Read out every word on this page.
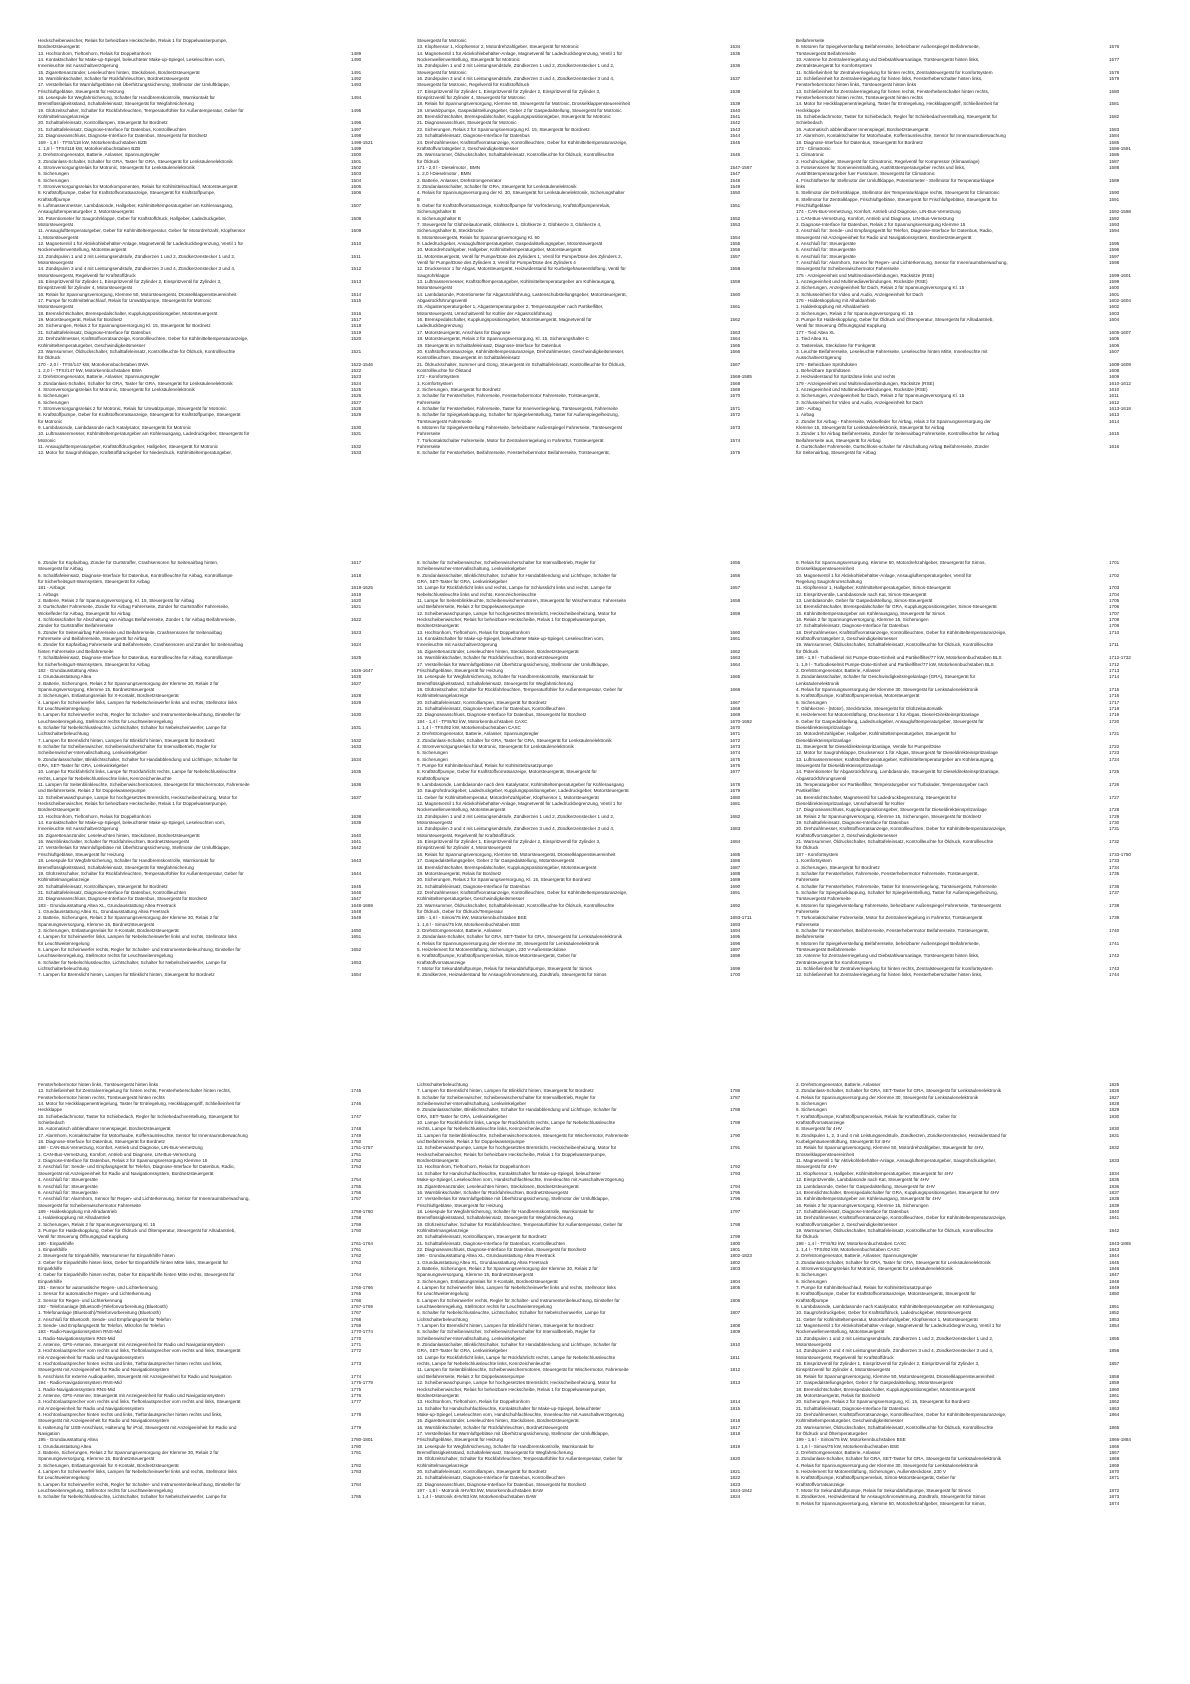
Heckscheibenwischer, Relais für beheizbare Heckscheibe, Relais 1 für Doppelwasserpumpe,
Bordnetzsteuergerät
13. Hochtonhorn, Tieftonhorn, Relais für Doppeltonhorn	1489
14. Kontaktschalter für Make-up-Spiegel, beleuchteter Make-up-Spiegel, Leseleuchten vorn,	1490
Innenleuchte mit Ausschaltverzögerung
15. Zigarettenanzünder, Leseleuchten hinten, Steckdosen, Bordnetzsteuergerät	1491
16. Warnblinkschalter, Schalter für Rückfahrleuchten, Bordnetzsteuergerät	1492
17. Verstellrelais für Warmluftgebläse mit Überhitzungssicherung, Stellmotor der Umluftklappe,	1493
Frischluftgebläse, Steuergerät für Heizung
18. Lesespule für Wegfahrsicherung, Schalter für Handbremskontrolle, Warnkontakt für	1494
Bremsflüssigkeitsstand, Schaltafeleinsatz, Steuergerät für Wegfahrsicherung
19. Glühzeitschalter, Schalter für Rückfahrleuchten, Temperaturfühler für Außentemperatur, Geber für	1495
Kühlmittelmangelanzeige
20. Schalttafeleinsatz, Kontrolllampen, Steuergerät für Bordnetz	1496
21. Schalttafeleinsatz, Diagnose-Interface für Datenbus, Kontrollleuchten	1497
22. Diagnoseanschluss, Diagnose-Interface für Datenbus, Steuergerät für Bordnetz	1498
169 - 1,8 l - TFSI/118 kW, Motorkennbuchstaben BZB	1498-1521
1. 1,8 l - TFSI/118 kW, Motorkennbuchstaben BZB	1499
2. Drehstromgenerator, Batterie, Anlasser, Spannungsregler	1500
3. Zündanlass-Schalter, Schalter für GRA, Taster für GRA, Steuergerät für Lenksäulenelektronik	1501
4. Stromversorgungsrelais für Motronic, Steuergerät für Lenksäulenelektronik	1502
5. Sicherungen	1503
6. Sicherungen	1504
7. Stromversorgungsrelais für Motorkomponenten, Relais für Kühlmittelnachlauf, Motorsteuergerät	1505
8. Kraftstoffpumpe, Geber für Kraftstoffvorratsanzeige, Steuergerät für Kraftstoffpumpe,	1506
Kraftstoffpumpe
9. Luftmassenmesser, Lambdasonde, Hallgeber, Kühlmitteltemperaturgeber am Kühlerausgang,	1507
Ansaugluftemperaturgeber 2, Motorsteuergerät
10. Potentiometer für Saugrohrklappe, Geber für Kraftstoffdruck, Hallgeber, Ladedruckgeber,	1508
Motorsteuergerät
11. Ansauglufttemperaturgeber, Geber für Kühlmitteltemperatur, Geber für Motordrehzahl, Klopfsensor	1509
1, Motorsteuergerät
12. Magnetventil 1 für Aktivkohlebehälter-Anlage, Magnetventil für Ladedruckbegrenzung, Ventil 1 für	1510
Nockenwellenverstellung, Motorsteuergerät
13. Zündspulen 1 und 2 mit Leistungsendstufe, Zündkerzen 1 und 2, Zündkerzenstecker 1 und 2,	1511
Motorsteuergerät
14. Zündspulen 3 und 4 mit Leistungsendstufe, Zündkerzen 3 und 4, Zündkerzenstecker 3 und 4,	1512
Motorsteuergerät, Regelventil für Kraftstoffdruck
15. Einspritzventil für Zylinder 1, Einspritzventil für Zylinder 2, Einspritzventil für Zylinder 3,	1513
Einspritzventil für Zylinder 4, Motorsteuergerät
16. Relais für Spannungsversorgung, Klemme 50, Motorsteuergerät, Drosselklappensteuereinheit	1514
17. Pumpe für Kühlmittelnachlauf, Relais für Umwälzpumpe, Steuergerät für Motronic	1515
Motorsteuergerät
18. Bremslichtschalter, Bremspedalschalter, Kupplungspositionsgeber, Motorsteuergerät	1516
19. Motorsteuergerät, Relais für Bordnetz	1517
20. Sicherungen, Relais 2 für Spannungsversorgung Kl. 15, Steuergerät für Bordnetz	1518
21. Schalttafeleinsatz, Diagnose-Interface für Datenbus	1519
22. Drehzahlmesser, Kraftstoffvorratsanzeige, Kontrollleuchten, Geber für Kühlmitteltemperaturanzeige,	1520
Kühlmitteltemperaturgeber, Geschwindigkeitsmesser
23. Warnsummer, Öldruckschalter, Schalttafeleinsatz, Kontrollleuchte für Öldruck, Kontrollleuchte	1521
für Öldruck
170 - 2,0 l - TFSI/147 kW, Motorkennbuchstaben BWA	1522-1546
1. 2,0 l - TFSI/147 kW, Motorkennbuchstaben BWA	1522
2. Drehstromgenerator, Batterie, Anlasser, Spannungsregler	1523
3. Zündanlass-Schalter, Schalter für GRA, Taster für GRA, Steuergerät für Lenksäulenelektronik	1524
4. Stromversorgungsrelais für Motronic, Steuergerät für Lenksäulenelektronik	1525
5. Sicherungen	1526
6. Sicherungen	1527
7. Stromversorgungsrelais 2 für Motronic, Relais für Umwälzpumpe, Steuergerät für Motronic	1528
8. Kraftstoffpumpe, Geber für Kraftstoffvorratsanzeige, Steuergerät für Kraftstoffpumpe, Steuergerät	1529
für Motronic
9. Lambdasonde, Lambdasonde nach Katalysator, Steuergerät für Motronic	1530
10. Luftmassenmesser, Kühlmitteltemperaturgeber am Kühlerausgang, Ladedruckgeber, Steuergerät für	1531
Motronic
11. Ansauglufttemperaturgeber, Kraftstoffdruckgeber, Hallgeber, Steuergerät für Motronic	1532
12. Motor für Saugrohrklappe, Kraftstoffdruckgeber für Niederdruck, Kühlmitteltemperaturgeber,	1533
Steuergerät für Motronic
13. Klopfsensor 1, Klopfsensor 2, Motordrehzahlgeber, Steuergerät für Motronic	1534
14. Magnetventil 1 für Aktivkohlebehälter-Anlage, Magnetventil für Ladedruckbegrenzung, Ventil 1 für	1535
Nockenwellenverstellung, Steuergerät für Motronic
15. Zündspulen 1 und 2 mit Leistungsendstufe, Zündkerzen 1 und 2, Zündkerzenstecker 1 und 2,	1536
Steuergerät für Motronic
16. Zündspulen 3 und 4 mit Leistungsendstufe, Zündkerzen 3 und 4, Zündkerzenstecker 3 und 4,	1537
Steuergerät für Motronic, Regelventil für Kraftstoffdruck
17. Einspritzventil für Zylinder 1, Einspritzventil für Zylinder 2, Einspritzventil für Zylinder 3,	1538
Einspritzventil für Zylinder 4, Steuergerät für Motronic
18. Relais für Spannungsversorgung, Klemme 50, Steuergerät für Motronic, Drosselklappensteuereinheit	1539
19. Umwälzpumpe, Gaspedalstellungsgeber, Geber 2 für Gaspedalstellung, Steuergerät für Motronic	1540
20. Bremslichtschalter, Bremspedalschalter, Kupplungspositionsgeber, Steuergerät für Motronic	1541
21. Diagnoseanschluss, Steuergerät für Motronic	1542
22. Sicherungen, Relais 2 für Spannungsversorgung Kl. 15, Steuergerät für Bordnetz	1543
23. Schalttafeleinsatz, Diagnose-Interface für Datenbus	1544
24. Drehzahlmesser, Kraftstoffvorratsanzeige, Kontrollleuchten, Geber für Kühlmitteltemperaturanzeige,	1545
Kraftstoffvorratsgeber 2, Geschwindigkeitsmesser
25. Warnsummer, Öldruckschalter, Schalttafeleinsatz, Kontrollleuchte für Öldruck, Kontrollleuchte	1546
für Öldruck
171 - 2,0 l - Dieselmotor , BMN	1547-1567
1. 2,0 l-Dieselmotor , BMN	1547
2. Batterie, Anlasser, Drehstromgenerator	1548
3. Zündanlassschalter, Schalter für GRA, Steuergerät für Lenksäulenelektronik	1549
4. Relais für Spannungsversorgung der Kl. 30, Steuergerät für Lenksäulenelektronik, Sicherungshalter	1550
B
5. Geber für Kraftstoffvorratsanzeige, Kraftstoffpumpe für Vorförderung, Kraftstoffpumpenrelais,	1551
Sicherungshalter B
6. Sicherungshalter B	1552
7. Steuergerät für Glühzeitautomatik, Glühkerze 1, Glühkerze 2, Glühkerze 3, Glühkerze 4,	1553
Sicherungshalter B, Steckbrücke
8. Motorsteuergerät, Relais für Spannungsversorgung Kl. 50	1554
9. Ladedruckgeber, Ansauglufttemperaturgeber, Gaspedalstellungsgeber, Motorsteuergerät	1555
10. Motordrehzahlgeber, Hallgeber, Kühlmitteltemperaturgeber, Motorsteuergerät	1556
11. Motorsteuergerät, Ventil für Pumpe/Düse des Zylinders 1, Ventil für Pumpe/Düse des Zylinders 2,	1557
Ventil für Pumpe/Düse des Zylinders 3, Ventil für Pumpe/Düse des Zylinders 4
12. Drucksensor 1 für Abgas, Motorsteuergerät, Heizwiderstand für Kurbelgehäuseentlüftung, Ventil für	1558
Saugrohrklappe
13. Luftmassenmesser, Kraftstofftemperaturgeber, Kühlmitteltemperaturgeber am Kühlerausgang,	1559
Motorsteuergerät
14. Lambdasonde, Potentiometer für Abgasrückführung, Lastenschubstellungsgeber, Motorsteuergerät,	1560
Abgasrückführungsventil
15. Abgastemperaturgeber 1, Abgastemperaturgeber 2, Temperaturgeber nach Partikelfilter,	1561
Motorsteuergerät, Umschaltventil für Kühler der Abgasrückführung
16. Bremspedalschalter, Kupplungspositionsgeber, Motorsteuergerät, Magnetventil für	1562
Ladedruckbegrenzung
17. Motorsteuergerät, Anschluss für Diagnose	1563
18. Motorsteuergerät, Relais 2 für Spannungsversorgung, Kl. 15, Sicherungshalter C	1564
19. Steuergerät im Schalttafeleinsatz, Diagnose-Interface für Datenbus	1565
20. Kraftstoffvorratsanzeige, Kühlmitteltemperaturanzeige, Drehzahlmesser, Geschwindigkeitsmesser,	1566
Kontrollleuchten, Steuergerät im Schalttafeleinsatz
21. Öldruckschalter, Summer und Gong, Steuergerät im Schalttafeleinsatz, Kontrollleuchte für Öldruck,	1567
Kontrollleuchte für Ölstand
172 - Komfortsystem	1568-1585
1. Komfortsystem	1568
2. Sicherungen, Steuergerät für Bordnetz	1569
3. Schalter für Fensterheber, Fahrerseite, Fensterhebermotor Fahrerseite, Türsteuergerät,	1570
Fahrerseite
4. Schalter für Fensterheber, Fahrerseite, Taster für Innenverriegelung, Türsteuergerät, Fahrerseite	1571
5. Schalter für Spiegelanklappung, Schalter für Spiegelverstellung, Taster für Außenspiegelheizung,	1572
Türsteuergerät Fahrerseite
6. Motoren für Spiegelverstellung Fahrerseite, beheizbarer Außenspiegel Fahrerseite, Türsteuergerät	1573
Fahrerseite
7. Türkontaktschalter Fahrerseite, Motor für Zentralverriegelung in Fahrertür, Türsteuergerät	1574
Fahrerseite
8. Schalter für Fensterheber, Beifahrerseite, Fensterhebermotor Beifahrerseite, Türsteuergerät,	1575
Beifahrerseite
9. Motoren für Spiegelverstellung Beifahrerseite, beheizbarer Außenspiegel Beifahrerseite,	1576
Türsteuergerät Beifahrerseite
10. Antenne für Zentralverriegelung und Diebstahlwarnanlage, Türsteuergerät hinten links,	1577
Zentralsteuergerät für Komfortsystem
11. Schließeinheit für Zentralverriegelung für hinten rechts, Zentralsteuergerät für Komfortsystem	1578
12. Schließeinheit für Zentralverriegelung für hinten links, Fensterheberschalter hinten links,	1579
Fensterhebermotor hinten links, Türsteuergerät hinten links
13. Schließeinheit für Zentralverriegelung für hinten rechts, Fensterheberschalter hinten rechts,	1580
Fensterhebermotor hinten rechts, Türsteuergerät hinten rechts
14. Motor für Heckklappenentriegelung, Taster für Entriegelung, Heckklappengriff, Schließeinheit für	1581
Heckklappe
15. Schiebedachmotor, Taster für Schiebedach, Regler für Schiebedachverstellung, Steuergerät für	1582
Schiebedach
16. Automatisch abblendbarer Innenspiegel, Bordnetzsteuergerät	1583
17. Alarmhorn, Kontaktschalter für Motorhaube, Kofferraumleuchte, Sensor für Innenraumüberwachung	1584
18. Diagnose-Interface für Datenbus, Steuergerät für Bordnetz	1585
173 - Climatronic	1586-1591
1. Climatronic	1586
2. Hochdruckgeber, Steuergerät für Climatronic, Regelventil für Kompressor (Klimaanlage)	1587
3. Fotosensoren für Sonneneinstrahlung, Austrittstemperaturgeber rechts und links,	1588
Austrittstemperaturgeber fuer Fussraum, Steuergerät für Climatronic
4. Frischlüfterter für Stellmotor der Umluftklappe, Potentiometer - Stellmotor für Temperaturklappe	1589
links
5. Stellmotor der Defrostklappe, Stellmotor der Temperaturklappe rechts, Steuergerät für Climatronic	1590
6. Stellmotor für Zentralklappe, Frischluftgebläse, Steuergerät für Frischluftgebläse, Steuergerät für	1591
Frischluftgebläse
174 - CAN-Bus-Vernetzung, Komfort, Antrieb und Diagnose, LIN-Bus-Vernetzung	1592-1598
1. CAN-Bus-Vernetzung, Komfort, Antrieb und Diagnose, LIN-Bus-Vernetzung	1592
2. Diagnose-Interface für Datenbus, Relais 2 für Spannungsversorgung Klemme 15	1593
3. Anschluß für: Sende- und Empfangsgerät für Telefon, Diagnose-Interface für Datenbus, Radio,	1594
Steuergerät mit Anzeigeeinheit für Radio und Navigationssystem, Bordnetzsteuergerät
4. Anschluß für: Steuergeräte	1595
5. Anschluß für: Steuergeräte	1596
6. Anschluß für: Steuergeräte	1597
7. Anschluß für: Alarmhorn, Sensor für Regen- und Lichterkennung, Sensor für Innenraumüberwachung,	1598
Steuergerät für Scheibenwischermotor Fahrerseite
175 - Anzeigeeinheit und Multimediaverbindungen, Rücksitze (RSE)	1599-1601
1. Anzeigeeinheit und Multimediaverbindungen, Rücksitze (RSE)	1599
2. Sicherungen, Anzeigeeinheit für Dach, Relais 2 für Spannungsversorgung Kl. 15	1600
3. Schlusseinheit für Video und Audio, Anzeigeeinheit für Dach	1601
176 - Haldeskopplung mit Alhaldanhieb	1602-1604
1. Haldeskopplung mit Alhaldanhieb	1602
2. Sicherungen, Relais 2 für Spannungsversorgung Kl. 15	1603
3. Pumpe für Haldeskopplung, Geber für Öldruck und Öltemperatur, Steuergerät für Allradantrieb,	1604
Ventil für Steuerung Öffnungsgrad Kupplung
177 - Tied Altea XL	1605-1607
1. Tied Altea XL	1605
2. Tasterelais, Steckdose für Fonkgerät	1606
3. Leuchte Beifahrerseite, Leseleuchte Fahrerseite, Leseleuchte hinten Mitte, Innenleuchte mit	1607
Ausschaltverzögerung
178 - Beheizbare Sprühdüsen	1608-1609
1. Beheizbare Sprühdüsen	1608
2. Heizwiderstand für Spritzdüse links und rechts	1609
179 - Anzeigeeinheit und Multimediaverbindungen, Rücksitze (RSE)	1610-1612
1. Anzeigeeinheit und Multimediaverbindungen, Rücksitze (RSE)	1610
2. Sicherungen, Anzeigeeinheit für Dach, Relais 2 für Spannungsversorgung Kl. 15	1611
3. Schlusseinheit für Video und Audio, Anzeigeeinheit für Dach	1612
180 - Airbag	1613-1618
1. Airbag	1613
2. Zünder für Airbag - Fahrerseite, Wickelfeder für Airbag, relais 2 für Spannungsversorgung der	1614
Klemme 15, Steuergerät für Lenksäulenelektronik, Steuergerät für Airbag
3. Zünder 1 für Airbag Beifahrerseite, Zünder für Seitenairbag Fahrerseite, Kontrollleuchte für Airbag	1615
Beifahrerseite aus, Steuergerät für Airbag
4. Gurtschalter Fahrerseite, Gurtschloss-schalter für Abschaltung Airbag Beifahrerseite, Zünder	1616
für Seitenairbag, Steuergerät für Airbag
5. Zünder für Kopfairbag, Zünder für Gurtstraffer, Crashsensoren für Seitenairbag hinten,	1617
Steuergerät für Airbag
6. Schaltfafeleinsatz, Diagnose-Interface für Datenbus, Kontrollleuchte für Airbag, Kontrolllampe	1618
für Sicherheitsgurt-Warnsystem, Steuergerät für Airbag
181 - Airbags	1619-1625
1. Airbags	1619
2. Batterie, Relais 2 für Spannungsversorgung, Kl. 15, Steuergerät für Airbag	1620
3. Gurtschalter Fahrerseite, Zünder für Airbag Fahrerseite, Zünder für Gurtstraffer Fahrerseite,	1621
Wickelfeder für Airbag, Steuergerät für Airbag
4. Schlossschalter für Abschaltung von Airbags Beifahrerseite, Zünder 1 für Airbag Beifahrerseite,	1622
Zünder für Gurtstraffer Beifahrerseite
5. Zünder für Seitenairbag Fahrerseite und Beifahrerseite, Crashsensoren für Seitenairbag	1623
Fahrerseite und Beifahrerseite, Steuergerät für Airbag
6. Zünder für Kopfairbag Fahrerseite und Beifahrerseite, Crashsensoren und Zünder für Seitenairbag	1624
hinten Fahrerseite und Beifahrerseite
7. Schalttafeleinsatz, Diagnose-Interface für Datenbus, Kontrollleuchte für Airbag, Kontrolllampe	1625
für Sicherheitsgurt-Warnsystem, Steuergerät für Airbag
182 - Grundausstattung Altea	1626-1647
1. Grundausstattung Altea	1626
2. Batterie, Sicherungen, Relais 2 für Spannungsversorgung der Klemme 30, Relais 2 für	1627
Spannungsversorgung, Klemme 15, Bordnetzsteuergerät
3. Sicherungen, Entlastungsrelais für X-Kontakt, Bordnetzsteuergerät	1628
4. Lampen für Scheinwerfer links, Lampen für Nebelscheinwerfer links und rechts, Stellmotor links	1629
für Leuchtweitenregelung
5. Lampen für Scheinwerfer rechts, Regler für Schalter- und Instrumentenbeleuchtung, Einsteller für	1630
Leuchtweitenregelung, Stellmotor rechts für Leuchtweitenregelung
6. Schalter für Nebelschlussleuchte, Lichtschalter, Schalter für Nebelscheinwerfer, Lampe für	1631
Lichtschalterbeleuchtung
7. Lampen für Bremslicht hinten, Lampen für Blinklicht hinten, Steuergerät für Bordnetz	1632
8. Schalter für Scheibenwischer, Scheibenwischerschalter für Intervallbetrieb, Regler für	1633
Scheibenwischer-Intervallschaltung, Lenkwinkelgeber
9. Zündanlassschalter, Blinklichtschalter, Schalter für Handabblendung und Lichthupe, Schalter für	1634
GRA, SET-Taster für GRA, Lenkwinkelgeber
10. Lampe für Rückfahrlicht links, Lampe für Rückfahrlicht rechts, Lampe für Nebelschlussleuchte	1635
rechts, Lampe für Nebelschlussleuchte links, Kennzeichenleuchte
11. Lampen für Seitenblinkleuchte, Scheibenwischermotoren, Steuergerät für Wischermotor, Fahrerseite	1636
und Beifahrerseite, Relais 2 für Doppelwasserpumpe
12. Scheibenwaschpumpe, Lampe für hochgesetztes Bremslicht, Heckscheibenheizung, Motor für	1637
Heckscheibenwischer, Relais für beheizbare Heckscheibe, Relais 1 für Doppelwasserpumpe,
Bordnetzsteuergerät
13. Hochtonhorn, Tieftonhorn, Relais für Doppeltonhorn	1638
14. Kontaktschalter für Make-up-Spiegel, beleuchteter Make-up-Spiegel, Leseleuchten vorn,	1639
Innenleuchte mit Ausschaltverzögerung
15. Zigarettenanzünder, Leseleuchten hinten, Steckdosen, Bordnetzsteuergerät	1640
16. Warnblinkschalter, Schalter für Rückfahrleuchten, Bordnetzsteuergerät	1641
17. Verstellrelais für Warmluftgebläse mit Überhitzungssicherung, Stellmotor der Umluftklappe,	1642
Frischluftgebläse, Steuergerät für Heizung
18. Lesespule für Wegfahrsicherung, Schalter für Handbremskontrolle, Warnkontakt für	1643
Bremsflüssigkeitsstand, Schaltafeleinsatz, Steuergerät für Wegfahrsicherung
19. Glühzeitschalter, Schalter für Rückfahrleuchten, Temperaturfühler für Außentemperatur, Geber für	1644
Kühlmittelmangelanzeige
20. Schalttafeleinsatz, Kontrolllampen, Steuergerät für Bordnetz	1645
21. Schalttafeleinsatz, Diagnose-Interface für Datenbus, Kontrollleuchten	1646
22. Diagnoseanschluss, Diagnose-Interface für Datenbus, Steuergerät für Bordnetz	1647
183 - Grundausstattung Altea XL, Grundausstattung Altea Freetrack	1648-1669
1. Grundausstattung Altea XL, Grundausstattung Altea Freetrack	1648
2. Batterie, Sicherungen, Relais 2 für Spannungsversorgung der Klemme 30, Relais 2 für	1649
Spannungsversorgung, Klemme 15, Bordnetzsteuergerät
3. Sicherungen, Entlastungsrelais für X-Kontakt, Bordnetzsteuergerät	1650
4. Lampen für Scheinwerfer links, Lampen für Nebelscheinwerfer links und rechts, Stellmotor links	1651
für Leuchtweitenregelung
5. Lampen für Scheinwerfer rechts, Regler für Schalter- und Instrumentenbeleuchtung, Einsteller für	1652
Leuchtweitenregelung, Stellmotor rechts für Leuchtweitenregelung
6. Schalter für Nebelschlussleuchte, Lichtschalter, Schalter für Nebelscheinwerfer, Lampe für	1653
Lichtschalterbeleuchtung
7. Lampen für Bremslicht hinten, Lampen für Blinklicht hinten, Steuergerät für Bordnetz	1654
8. Schalter für Scheibenwischer, Scheibenwischerschalter für Intervallbetrieb, Regler für	1655
Scheibenwischer-Intervallschaltung, Lenkwinkelgeber
9. Zündanlassschalter, Blinklichtschalter, Schalter für Handabblendung und Lichthupe, Schalter für	1656
GRA, SET-Taster für GRA, Lenkwinkelgeber
10. Lampe für Rückfahrlicht links und rechts, Lampe für Schlusslicht links und rechts, Lampe für	1657
Nebelschlussleuchte links und rechts, Kennzeichenleuchte
11. Lampe für Seitenblinkleuchte, Scheibenwischermotoren, Steuergerät für Wischermotor, Fahrerseite	1658
und Beifahrerseite, Relais 2 für Doppelwasserpumpe
12. Scheibenwaschpumpe, Lampe für hochgesetztes Bremslicht, Heckscheibenheizung, Motor für	1659
Heckscheibenwischer, Relais für beheizbare Heckscheibe, Relais 1 für Doppelwasserpumpe,
Bordnetzsteuergerät
13. Hochtonhorn, Tieftonhorn, Relais für Doppeltonhorn	1660
14. Kontaktschalter für Make-up-Spiegel, beleuchteter Make-up-Spiegel, Leseleuchten vorn,	1661
Innenleuchte mit Ausschaltverzögerung
15. Zigarettenanzünder, Leseleuchten hinten, Steckdosen, Bordnetzsteuergerät	1662
16. Warnblinkschalter, Schalter für Rückfahrleuchten, Bordnetzsteuergerät	1663
17. Verstellrelais für Warmluftgebläse mit Überhitzungssicherung, Stellmotor der Umluftklappe,	1664
Frischluftgebläse, Steuergerät für Heizung
18. Lesespule für Wegfahrsicherung, Schalter für Handbremskontrolle, Warnkontakt für	1665
Bremsflüssigkeitsstand, Schaltafeleinsatz, Steuergerät für Wegfahrsicherung
19. Glühzeitschalter, Schalter für Rückfahrleuchten, Temperaturfühler für Außentemperatur, Geber für	1666
Kühlmittelmangelanzeige
20. Schalttafeleinsatz, Kontrolllampen, Steuergerät für Bordnetz	1667
21. Schalttafeleinsatz, Diagnose-Interface für Datenbus, Kontrollleuchten	1668
22. Diagnoseanschluss, Diagnose-Interface für Datenbus, Steuergerät für Bordnetz	1669
184 - 1,4 l - TFSI/92 kW, Motorkennbuchstaben CAXC	1670-1692
1. 1,4 l - TFSI/92 kW, Motorkennbuchstaben CAXC	1670
2. Drehstromgenerator, Batterie, Anlasser, Spannungsregler	1671
3. Zündanlass-Schalter, Schalter für GRA, Taster für GRA, Steuergerät für Lenksäulenelektronik	1672
4. Stromversorgungsrelais für Motronic, Steuergerät für Lenksäulenelektronik	1673
5. Sicherungen	1674
6. Sicherungen	1675
7. Pumpe für Kühlmittelnachlauf, Relais für Kühlmittelzusatzpumpe	1676
8. Kraftstoffpumpe, Geber für Kraftstoffvorratsanzeige, Motorsteuergerät, Steuergerät für	1677
Kraftstoffpumpe
9. Lambdasonde, Lambdasonde nach dem Katalysator, Kühlmitteltemperaturgeber für Kühlerausgang	1678
10. Saugrohrdruckgeber, Ladedruckgeber, Kupplungspositionsgeber, Ladedruckgeber, Motorsteuergerät	1679
11. Geber für Kühlmitteltemperatur, Motordrehzahlgeber, Klopfsensor 1, Motorsteuergerät	1680
12. Magnetventil 1 für Aktivkohlebehälter-Anlage, Magnetventil für Ladedruckbegrenzung, Ventil 1 für	1681
Nockenwellenverstellung, Motorsteuergerät
13. Zündspulen 1 und 2 mit Leistungsendstufe, Zündkerzen 1 und 2, Zündkerzenstecker 1 und 2,	1682
Motorsteuergerät
14. Zündspulen 3 und 4 mit Leistungsendstufe, Zündkerzen 3 und 4, Zündkerzenstecker 3 und 4,	1683
Motorsteuergerät, Regelventil für Kraftstoffdruck
15. Einspritzventil für Zylinder 1, Einspritzventil für Zylinder 2, Einspritzventil für Zylinder 3,	1684
Einspritzventil für Zylinder 4, Motorsteuergerät
16. Relais für Spannungsversorgung, Klemme 50, Motorsteuergerät, Drosselklappensteuereinheit	1685
17. Gaspedalstellungsgeber, Geber 2 für Gaspedalstellung, Motorsteuergerät	1686
18. Bremslichtschalter, Bremspedalschalter, Kupplungspositionsgeber, Motorsteuergerät	1687
19. Motorsteuergerät, Relais für Bordnetz	1688
20. Sicherungen, Relais 2 für Spannungsversorgung, Kl. 15, Steuergerät für Bordnetz	1689
21. Schalttafeleinsatz, Diagnose-Interface für Datenbus	1690
22. Drehzahlmesser, Kraftstoffvorratsanzeige, Kontrollleuchten, Geber für Kühlmitteltemperaturanzeige,	1691
Kühlmitteltemperaturgeber, Geschwindigkeitsmesser
23. Warnsummer, Öldruckschalter, Schalttafeleinsatz, Kontrollleuchte für Öldruck, Kontrollleuchte	1692
für Öldruck, Geber für Öldruck/Temperatur
185 - 1,6 l - Simos/75 kW, Motorkennbuchstaben BSE	1693-1711
1. 1,6 l - Simos/75 kW, Motorkennbuchstaben BSE	1693
2. Drehstromgenerator, Batterie, Anlasser	1694
3. Zündanlass-Schalter, Schalter für GRA, SET-Taster für GRA, Steuergerät für Lenksäulenelektronik	1695
4. Relais für Spannungsversorgung der Klemme 30, Steuergerät für Lenksäulenelektronik	1696
5. Heizelement für Motorentlüftung, Sicherungen, 230 V-Außensteckdose	1697
6. Kraftstoffpumpe, Kraftstoffpumpenrelais, Simos-Motorsteuergerät, Geber für	1698
Kraftstoffvorratsanzeige
7. Motor für Sekundärluftpumpe, Relais für Sekundärluftpumpe, Steuergerät für Simos	1699
8. Zündkerzen, Heizwiderstand für Ansaugrohrvorwärmung, Zündtrafo, Steuergerät für Simos	1700
9. Relais für Spannungsversorgung, Klemme 50, Motordrehzahlgeber, Steuergerät für Simos,	1701
Drosselklappensteuereinheit
10. Magnetventil 1 für Aktivkohlebehälter-Anlage, Ansaugluftemperaturgeber, Ventil für	1702
Regelung Saugrohrumschaltung
11. Klopfsensor 1, Hallgeber, Kühlmitteltemperaturgeber, Simos-Steuergerät	1703
12. Einspritzventile, Lambdasonde nach Kat, Simos-Steuergerät	1704
13. Lambdasonde, Geber für Gaspedalstellung, Simos-Steuergerät	1705
14. Bremslichtschalter, Bremspedalschalter für GRA, Kupplungspositionsgeber, Simos-Steuergerät	1706
15. Kühlmitteltemperaturgeber am Kühlerausgang, Steuergerät für Simos	1707
16. Relais 2 für Spannungsversorgung, Klemme 15, Sicherungen	1708
17. Schalttafeleinsatz, Diagnose-Interface für Datenbus	1709
18. Drehzahlmesser, Kraftstoffvorratsanzeige, Kontrollleuchten, Geber für Kühlmitteltemperaturanzeige,	1710
Kraftstoffvorratsgeber 2, Geschwindigkeitsmesser
19. Warnsummer, Öldruckschalter, Schalttafeleinsatz, Kontrollleuchte für Öldruck, Kontrollleuchte	1711
für Öldruck
186 - 1,9 l - Turbodiesel mit Pumpe-Düse-Einheit und Partikelfilter/77 kW, Motorkennbuchstaben BLS	1712-1732
1. 1,9 l - Turbodieselmit Pumpe-Düse-Einheit und Partikelfilter/77 kW, Motorkennbuchstaben BLS	1712
2. Drehstromgenerator, Batterie, Anlasser	1713
3. Zündanlassschalter, Schalter für Geschwindigkeitsregelanlage (GRA), Steuergerät für	1714
Lenksäulenelektronik
4. Relais für Spannungsversorgung der Klemme 30, Steuergerät für Lenksäulenelektronik	1715
5. Kraftstoffpumpe, Kraftstoffpumpenrelais, Motorsteuergerät	1716
6. Sicherungen	1717
7. Glühkerzen - (Motor), Steckbrücke, Steuergerät für Glühzeitautomatik	1718
8. Heizelement für Motorentlüftung, Drucksensor 1 für Abgas, Diesel-Direkteinspritzanlage	1719
9. Geber für Gaspedalstellung, Ladedruckgeber, Ansauglufttemperaturgeber, Steuergerät für	1720
Dieseldirekteinspritzanlage
10. Motordrehzahlgeber, Hallgeber, Kühlmitteltemperaturgeber, Steuergerät für	1721
Dieseldirekteinspritzanlage
11. Steuergerät für Dieseldirekteinspritzanlage, Ventile für Pumpe/Düse	1722
12. Motor für Saugrohrklappe, Drucksensor 1 für Abgas, Steuergerät für Dieseldirekteinspritzanlage	1723
13. Luftmassenmesser, Kraftstofftemperaturgeber, Kühlmitteltemperaturgeber am Kühlerausgang,	1724
Steuergerät für Dieseldirekteinspritzanlage
14. Potentiometer für Abgasrückführung, Lambdasonde, Steuergerät für Dieseldirekteinspritzanlage,	1725
Abgasrückführungsventil
15. Temperaturgeber vor Partikelfilter, Temperaturgeber vor Turbolader, Temperaturgeber nach	1726
Partikelfilter
16. Bremslichtschalter, Magnetventil für Ladedruckbegrenzung, Steuergerät für	1727
Dieseldirekteinspritzanlage, Umschaltventil für Kühler
17. Diagnoseanschluss, Kupplungspositionsgeber, Steuergerät für Dieseldirekteinspritzanlage	1728
18. Relais 2 für Spannungsversorgung, Klemme 15, Sicherungen, Steuergerät für Bordnetz	1729
19. Schalttafeleinsatz, Diagnose-Interface für Datenbus	1730
20. Drehzahlmesser, Kraftstoffvorratsanzeige, Kontrollleuchten, Geber für Kühlmitteltemperaturanzeige,	1731
Kraftstoffvorratsgeber 2, Geschwindigkeitsmesser
21. Warnsummer, Öldruckschalter, Schalttafeleinsatz, Kontrollleuchte für Öldruck, Kontrollleuchte	1732
für Öldruck
187 - Komfortsystem	1733-1750
1. Komfortsystem	1733
2. Sicherungen, Steuergerät für Bordnetz	1734
3. Schalter für Fensterheber, Fahrerseite, Fensterhebermotor Fahrerseite, Türsteuergerät,	1735
Fahrerseite
4. Schalter für Fensterheber, Fahrerseite, Taster für Innenverriegelung, Türsteuergerät, Fahrerseite	1736
5. Schalter für Spiegelanklappung, Schalter für Spiegelverstellung, Taster für Außenspiegelheizung,	1737
Türsteuergerät Fahrerseite
6. Motoren für Spiegelverstellung Fahrerseite, beheizbarer Außenspiegel Fahrerseite, Türsteuergerät	1738
Fahrerseite
7. Türkontaktschalter Fahrerseite, Motor für Zentralverriegelung in Fahrertür, Türsteuergerät	1739
Fahrerseite
8. Schalter für Fensterheber, Beifahrerseite, Fensterhebermotor Beifahrerseite, Türsteuergerät,	1740
Beifahrerseite
9. Motoren für Spiegelverstellung Beifahrerseite, beheizbarer Außenspiegel Beifahrerseite,	1741
Türsteuergerät Beifahrerseite
10. Antenne für Zentralverriegelung und Diebstahlwarnanlage, Türsteuergerät hinten links,	1742
Zentralsteuergerät für Komfortsystem
11. Schließeinheit für Zentralverriegelung für hinten rechts, Zentralsteuergerät für Komfortsystem	1743
12. Schließeinheit für Zentralverriegelung für hinten links, Fensterheberschalter hinten links,	1744
Fensterhebermotor hinten links, Türsteuergerät hinten links
13. Schließeinheit für Zentralverriegelung für hinten rechts, Fensterheberschalter hinten rechts,	1745
Fensterhebermotor hinten rechts, Türsteuergerät hinten rechts
14. Motor für Heckklappenentriegelung, Taster für Entriegelung, Heckklappengriff, Schließeinheit für	1746
Heckklappe
15. Schiebedachmotor, Taster für Schiebedach, Regler für Schiebedachverstellung, Steuergerät für	1747
Schiebedach
16. Automatisch abblendbarer Innenspiegel, Bordnetzsteuergerät	1748
17. Alarmhorn, Kontaktschalter für Motorhaube, Kofferraumleuchte, Sensor für Innenraumüberwachung	1749
18. Diagnose-Interface für Datenbus, Steuergerät für Bordnetz	1750
188 - CAN-Bus-Vernetzung, Komfort, Antrieb und Diagnose, LIN-Bus-Vernetzung	1751-1757
1. CAN-Bus-Vernetzung, Komfort, Antrieb und Diagnose, LIN-Bus-Vernetzung	1751
2. Diagnose-Interface für Datenbus, Relais 2 für Spannungsversorgung Klemme 15	1752
3. Anschluß für: Sende- und Empfangsgerät für Telefon, Diagnose-Interface für Datenbus, Radio,	1753
Steuergerät mit Anzeigeeinheit für Radio und Navigationssystem, Bordnetzsteuergerät
4. Anschluß für: Steuergeräte	1754
5. Anschluß für: Steuergeräte	1755
6. Anschluß für: Steuergeräte	1756
7. Anschluß für: Alarmhorn, Sensor für Regen- und Lichterkennung, Sensor für Innenraumüberwachung,	1757
Steuergerät für Scheibenwischermotor Fahrerseite
189 - Haldeskopplung mit Allradantrieb	1758-1760
1. Haldeskopplung mit Allradantrieb	1758
2. Sicherungen, Relais 2 für Spannungsversorgung Kl. 15	1759
3. Pumpe für Haldexkopplung, Geber für Öldruck und Öltemperatur, Steuergerät für Allradantrieb,	1760
Ventil für Steuerung Öffnungsgrad Kupplung
190 - Einparkhilfe	1761-1764
1. Einparkhilfe	1761
2. Steuergerät für Einparkhilfe, Warnsummer für Einparkhilfe hinten	1762
3. Geber für Einparkhilfe hinten links, Geber für Einparkhilfe hinten Mitte links, Steuergerät für	1763
Einparkhilfe
4. Geber für Einparkhilfe hinten rechts, Geber für Einparkhilfe hinten Mitte rechts, Steuergerät für	1764
Einparkhilfe
191 - Sensor für automatische Regen- und Lichterkennung	1765-1766
1. Sensor für automatische Regen- und Lichterkennung	1765
2. Sensor für Regen- und Lichterkennung	1766
192 - Telefonanlage (Bluetooth-)Telefonvorbereitung (Bluetooth)	1767-1769
1. Telefonanlage (Bluetooth)/Telefonvorbereitung (Bluetooth)	1767
2. Anschluß für Bluetooth, Sende- und Empfangsgerät für Telefon	1768
3. Sende- und Empfangsgerät für Telefon, Mikrofon für Telefon	1769
193 - Radio-Navigationssystem RNS-Mid	1770-1774
1. Radio-Navigationssystem RNS-Mid	1770
2. Antenne, GPS-Antenne, Steuergerät mit Anzeigeeinheit für Radio und Navigationssystem	1771
3. Hochtonlautsprecher vorn rechts und links, Tieftonlautsprecher vorn rechts und links, Steuergerät	1772
mit Anzeigeeinheit für Radio und Navigationssystem
4. Hochtonlautsprecher hinten rechts und links, Tieftonlautsprecher hinten rechts und links,	1773
Steuergerät mit Anzeigeeinheit für Radio und Navigationssystem
5. Anschluss für externe Audioquellen, Steuergerät mit Anzeigeeinheit für Radio und Navigation	1774
194 - Radio-Navigationssystem RNS-Mid	1775-1779
1. Radio-Navigationssystem RNS-Mid	1775
2. Antenne, GPS-Antenne, Steuergerät mit Anzeigeeinheit für Radio und Navigationssystem	1776
3. Hochtonlautsprecher vorn rechts und links, Tieftonlautsprecher vorn rechts und links, Steuergerät	1777
mit Anzeigeeinheit für Radio und Navigationssystem
4. Hochtonlautsprecher hinten rechts und links, Tieftonlautsprecher hinten rechts und links,	1778
Steuergerät mit Anzeigeeinheit für Radio und Navigationssystem
5. Halterung für USB-Anschluss, Halterung für iPod, Steuergerät mit Anzeigeeinheit für Radio und	1779
Navigation
195 - Grundausstattung Altea	1780-1801
1. Grundausstattung Altea	1780
2. Batterie, Sicherungen, Relais 2 für Spannungsversorgung der Klemme 30, Relais 2 für	1781
Spannungsversorgung, Klemme 15, Bordnetzsteuergerät
3. Sicherungen, Entlastungsrelais für X-Kontakt, Bordnetzsteuergerät	1782
4. Lampen für Scheinwerfer links, Lampen für Nebelscheinwerfer links und rechts, Stellmotor links	1783
für Leuchtweitenregelung
5. Lampen für Scheinwerfer rechts, Regler für Schalter- und Instrumentenbeleuchtung, Einsteller für	1784
Leuchtweitenregelung, Stellmotor rechts für Leuchtweitenregelung
6. Schalter für Nebelschlussleuchte, Lichtschalter, Schalter für Nebelscheinwerfer, Lampe für	1785
Lichtschalterbeleuchtung
7. Lampen für Bremslicht hinten, Lampen für Blinklicht hinten, Steuergerät für Bordnetz	1786
8. Schalter für Scheibenwischer, Scheibenwischerschalter für Intervallbetrieb, Regler für	1787
Scheibenwischer-Intervallschaltung, Lenkwinkelgeber
9. Zündanlassschalter, Blinklichtschalter, Schalter für Handabblendung und Lichthupe, Schalter für	1788
GRA, SET-Taster für GRA, Lenkwinkelgeber
10. Lampe für Rückfahrlicht links, Lampe für Rückfahrlicht rechts, Lampe für Nebelschlussleuchte	1789
rechts, Lampe für Nebelschlussleuchte links, Kennzeichenleuchte
11. Lampen für Seitenblinkleuchte, Scheibenwischermotoren, Steuergerät für Wischermotor, Fahrerseite	1790
und Beifahrerseite, Relais 2 für Doppelwasserpumpe
12. Scheibenwaschpumpe, Lampe für hochgesetztes Bremslicht, Heckscheibenheizung, Motor für	1791
Heckscheibenwischer, Relais für beheizbare Heckscheibe, Relais 1 für Doppelwasserpumpe,
Bordnetzsteuergerät
13. Hochtonhorn, Tieftonhorn, Relais für Doppeltonhorn	1792
14. Schalter für Handschuhfachleuchte, Kontaktschalter für Make-up-Spiegel, beleuchteter	1793
Make-up-Spiegel, Leseleuchten vorn, Handschuhfachleuchte, Innenleuchte mit Ausschaltverzögerung
15. Zigarettenanzünder, Leseleuchten hinten, Steckdosen, Bordnetzsteuergerät	1794
16. Warnblinkschalter, Schalter für Rückfahrleuchten, Bordnetzsteuergerät	1795
17. Verstellrelais für Warmluftgebläse mit Überhitzungssicherung, Stellmotor der Umluftklappe,	1796
Frischluftgebläse, Steuergerät für Heizung
18. Lesespule für Wegfahrsicherung, Schalter für Handbremskontrolle, Warnkontakt für	1797
Bremsflüssigkeitsstand, Schaltafeleinsatz, Steuergerät für Wegfahrsicherung
19. Glühzeitschalter, Schalter für Rückfahrleuchten, Temperaturfühler für Außentemperatur, Geber für	1798
Kühlmittelmangelanzeige
20. Schalttafeleinsatz, Kontrolllampen, Steuergerät für Bordnetz	1799
21. Schalttafeleinsatz, Diagnose-Interface für Datenbus, Kontrollleuchten	1800
22. Diagnoseanschluss, Diagnose-Interface für Datenbus, Steuergerät für Bordnetz	1801
196 - Grundausstattung Altea XL, Grundausstattung Altea Freetrack	1802-1823
1. Grundausstattung Altea XL, Grundausstattung Altea Freetrack	1802
2. Batterie, Sicherungen, Relais 2 für Spannungsversorgung der Klemme 30, Relais 2 für	1803
Spannungsversorgung, Klemme 15, Bordnetzsteuergerät
3. Sicherungen, Entlastungsrelais für X-Kontakt, Bordnetzsteuergerät	1804
4. Lampen für Scheinwerfer links, Lampen für Nebelscheinwerfer links und rechts, Stellmotor links	1805
für Leuchtweitenregelung
5. Lampen für Scheinwerfer rechts, Regler für Schalter- und Instrumentenbeleuchtung, Einsteller für	1806
Leuchtweitenregelung, Stellmotor rechts für Leuchtweitenregelung
6. Schalter für Nebelschlussleuchte, Lichtschalter, Schalter für Nebelscheinwerfer, Lampe für	1807
Lichtschalterbeleuchtung
7. Lampen für Bremslicht hinten, Lampen für Blinklicht hinten, Steuergerät für Bordnetz	1808
8. Schalter für Scheibenwischer, Scheibenwischerschalter für Intervallbetrieb, Regler für	1809
Scheibenwischer-Intervallschaltung, Lenkwinkelgeber
9. Zündanlassschalter, Blinklichtschalter, Schalter für Handabblendung und Lichthupe, Schalter für	1810
GRA, SET-Taster für GRA, Lenkwinkelgeber
10. Lampe für Rückfahrlicht links, Lampe für Rückfahrlicht rechts, Lampe für Nebelschlussleuchte	1811
rechts, Lampe für Nebelschlussleuchte links, Kennzeichenleuchte
11. Lampen für Seitenblinkleuchte, Scheibenwischermotoren, Steuergerät für Wischermotor, Fahrerseite	1812
und Beifahrerseite, Relais 2 für Doppelwasserpumpe
12. Scheibenwaschpumpe, Lampe für hochgesetztes Bremslicht, Heckscheibenheizung, Motor für	1813
Heckscheibenwischer, Relais für beheizbare Heckscheibe, Relais 1 für Doppelwasserpumpe,
Bordnetzsteuergerät
13. Hochtonhorn, Tieftonhorn, Relais für Doppeltonhorn	1814
14. Schalter für Handschuhfachleuchte, Kontaktschalter für Make-up-Spiegel, beleuchteter	1815
Make-up-Spiegel, Leseleuchten vorn, Handschuhfachleuchte, Innenleuchte mit Ausschaltverzögerung
15. Zigarettenanzünder, Leseleuchten hinten, Steckdosen, Bordnetzsteuergerät	1816
16. Warnblinkschalter, Schalter für Rückfahrleuchten, Bordnetzsteuergerät	1817
17. Verstellrelais für Warmluftgebläse mit Überhitzungssicherung, Stellmotor der Umluftklappe,	1818
Frischluftgebläse, Steuergerät für Heizung
18. Lesespule für Wegfahrsicherung, Schalter für Handbremskontrolle, Warnkontakt für	1819
Bremsflüssigkeitsstand, Schaltafeleinsatz, Steuergerät für Wegfahrsicherung
19. Glühzeitschalter, Schalter für Rückfahrleuchten, Temperaturfühler für Außentemperatur, Geber für	1820
Kühlmittelmangelanzeige
20. Schalttafeleinsatz, Kontrolllampen, Steuergerät für Bordnetz	1821
21. Schalttafeleinsatz, Diagnose-Interface für Datenbus, Kontrollleuchten	1822
22. Diagnoseanschluss, Diagnose-Interface für Datenbus, Steuergerät für Bordnetz	1823
197 - 1,8 l - Motronik 4HV/83 kW, Motorkennbuchstaben BAW	1824-1842
1. 1,4 l - Motronik 4HV/83 kW, Motorkennbuchstaben BAW	1824
2. Drehstromgenerator, Batterie, Anlasser	1825
3. Zündanlass-Schalter, Schalter für GRA, SET-Taster für GRA, Steuergerät für Lenksäulenelektronik	1826
4. Relais für Spannungsversorgung der Klemme 30, Steuergerät für Lenksäulenelektronik	1827
5. Sicherungen	1828
6. Sicherungen	1829
7. Kraftstoffpumpe, Kraftstoffpumpenrelais, Relais für Kraftstoffdruck, Geber für	1830
Kraftstoffvorratsanzeige
8. Steuergerät für 4HV	1830
9. Zündspulen 1, 2, 3 und 4 mit Leistungsendstufe, Zündkerzen, Zündkerzenstecker, Heizwiderstand für	1831
Kurbelgehäuseentlüftung, Steuergerät für 4HV
10. Relais für Spannungsversorgung, Klemme 50, Motordrehzahlgeber, Steuergerät für 4HV,	1832
Drosselklappensteuereinheit
11. Magnetventil 1 für Aktivkohlebehälter-Anlage, Ansaugluftemperaturgeber, Saugrohrdruckgeber,	1833
Steuergerät für 4HV
11. Klopfsensor 1, Hallgeber, Kühlmitteltemperaturgeber, Steuergerät für 4HV	1834
12. Einspritzventile, Lambdasonde nach Kat, Steuergerät für 4HV	1835
13. Lambdasonde, Geber für Gaspedalstellung, Steuergerät für 4HV	1836
14. Bremslichtschalter, Bremspedalschalter für GRA, Kupplungspositionsgeber, Steuergerät für 4HV	1837
15. Kühlmitteltemperaturgeber am Kühlerausgang, Steuergerät für 4HV	1838
16. Relais 2 für Spannungsversorgung, Klemme 15, Sicherungen	1839
17. Schalttafeleinsatz, Diagnose-Interface für Datenbus	1840
18. Drehzahlmesser, Kraftstoffvorratsanzeige, Kontrollleuchten, Geber für Kühlmitteltemperaturanzeige,	1841
Kraftstoffvorratsgeber 2, Geschwindigkeitsmesser
19. Warnsummer, Öldruckschalter, Schalttafeleinsatz, Kontrollleuchte für Öldruck, Kontrollleuchte	1842
für Öldruck
198 - 1,4 l - TFSI/92 kW, Motorkennbuchstaben CAXC	1843-1865
1. 1,4 l - TFSI/92 kW, Motorkennbuchstaben CAXC	1843
2. Drehstromgenerator, Batterie, Anlasser, Spannungsregler	1844
3. Zündanlass-Schalter, Schalter für GRA, Taster für GRA, Steuergerät für Lenksäulenelektronik	1845
4. Stromversorgungsrelais für Motronic, Steuergerät für Lenksäulenelektronik	1846
5. Sicherungen	1847
6. Sicherungen	1848
7. Pumpe für Kühlmittelnachlauf, Relais für Kühlmittelzusatzpumpe	1849
8. Kraftstoffpumpe, Geber für Kraftstoffvorratsanzeige, Motorsteuergerät, Steuergerät für	1850
Kraftstoffpumpe
9. Lambdasonde, Lambdasonde nach Katalysator, Kühlmitteltemperaturgeber am Kühlerausgang	1851
10. Saugrohrdruckgeber, Geber für Kraftstoffdruck, Ladedruckgeber, Motorsteuergerät	1852
11. Geber für Kühlmitteltemperatur, Motordrehzahlgeber, Klopfsensor 1, Motorsteuergerät	1853
12. Magnetventil 1 für Aktivkohlebehälter-Anlage, Magnetventil für Ladedruckbegrenzung, Ventil 1 für	1854
Nockenwellenverstellung, Motorsteuergerät
13. Zündspulen 1 und 2 mit Leistungsendstufe, Zündkerzen 1 und 2, Zündkerzenstecker 1 und 2,	1855
Motorsteuergerät
14. Zündspulen 3 und 4 mit Leistungsendstufe, Zündkerzen 3 und 4, Zündkerzenstecker 3 und 4,	1856
Motorsteuergerät, Regelventil für Kraftstoffdruck
15. Einspritzventil für Zylinder 1, Einspritzventil für Zylinder 2, Einspritzventil für Zylinder 3,	1857
Einspritzventil für Zylinder 4, Motorsteuergerät
16. Relais für Spannungsversorgung, Klemme 50, Motorsteuergerät, Drosselklappensteuereinheit	1858
17. Gaspedalstellungsgeber, Geber 2 für Gaspedalstellung, Motorsteuergerät	1859
18. Bremslichtschalter, Bremspedalschalter, Kupplungspositionsgeber, Motorsteuergerät	1860
19. Motorsteuergerät, Relais für Bordnetz	1861
20. Sicherungen, Relais 2 für Spannungsversorgung, Kl. 15, Steuergerät für Bordnetz	1862
21. Schalttafeleinsatz, Diagnose-Interface für Datenbus	1863
22. Drehzahlmesser, Kraftstoffvorratsanzeige, Kontrollleuchten, Geber für Kühlmitteltemperaturanzeige,	1864
Kühlmitteltemperaturgeber, Geschwindigkeitsmesser
23. Warnsummer, Öldruckschalter, Schalttafeleinsatz, Kontrollleuchte für Öldruck, Kontrollleuchte	1865
für Öldruck und Öltemperaturgeber
199 - 1,6 l - Simos/75 kW, Motorkennbuchstaben BSE	1866-1884
1. 1,6 l - Simos/75 kW, Motorkennbuchstaben BSE	1866
2. Drehstromgenerator, Batterie, Anlasser	1867
3. Zündanlass-Schalter, Schalter für GRA, SET-Taster für GRA, Steuergerät für Lenksäulenelektronik	1868
4. Relais für Spannungsversorgung der Klemme 30, Steuergerät für Lenksäulenelektronik	1869
5. Heizelement für Motorentlüftung, Sicherungen, Außensteckdose, 230 V	1870
6. Kraftstoffpumpe, Kraftstoffpumpenrelais, Simos-Motorsteuergerät, Geber für	1871
Kraftstoffvorratsanzeige
7. Motor für Sekundärluftpumpe, Relais für Sekundärluftpumpe, Steuergerät für Simos	1872
8. Zündkerzen, Heizwiderstand für Ansaugrohrvorwärmung, Zündtrafo, Steuergerät für Simos	1873
9. Relais für Spannungsversorgung, Klemme 50, Motordrehzahlgeber, Steuergerät für Simos,	1874
